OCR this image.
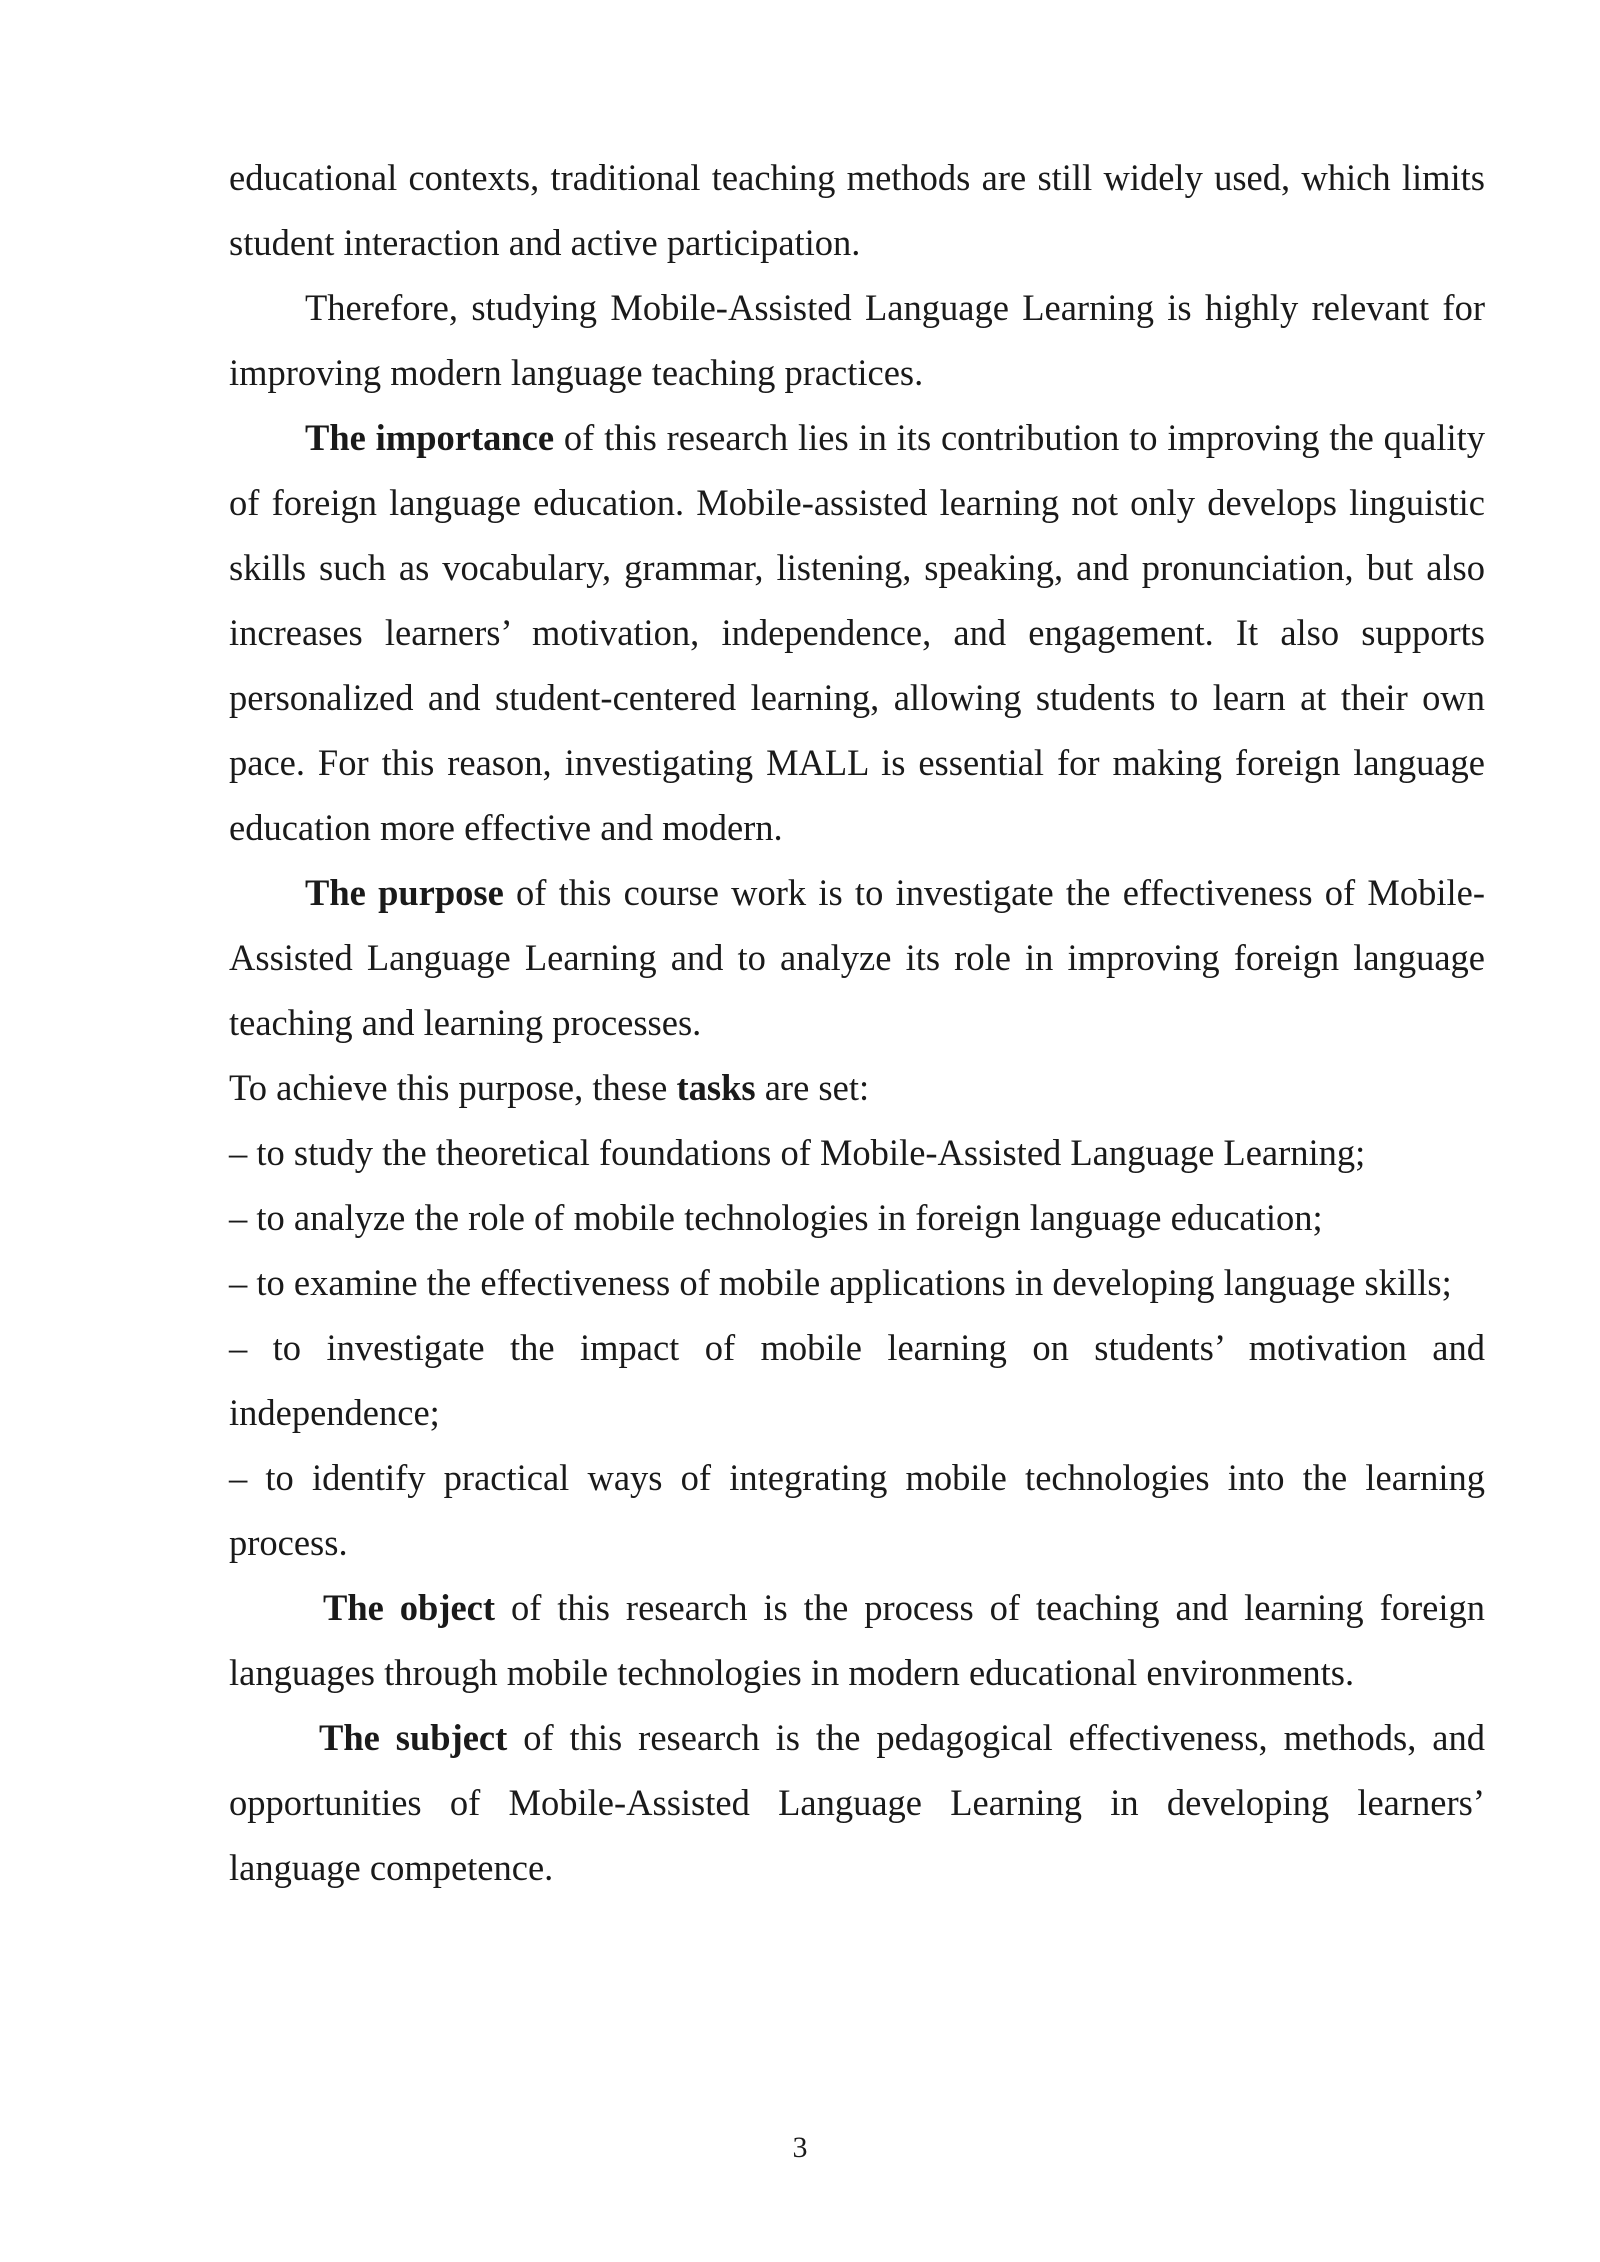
educational contexts, traditional teaching methods are still widely used, which limits student interaction and active participation.

Therefore, studying Mobile-Assisted Language Learning is highly relevant for improving modern language teaching practices.

The importance of this research lies in its contribution to improving the quality of foreign language education. Mobile-assisted learning not only develops linguistic skills such as vocabulary, grammar, listening, speaking, and pronunciation, but also increases learners’ motivation, independence, and engagement. It also supports personalized and student-centered learning, allowing students to learn at their own pace. For this reason, investigating MALL is essential for making foreign language education more effective and modern.

The purpose of this course work is to investigate the effectiveness of Mobile-Assisted Language Learning and to analyze its role in improving foreign language teaching and learning processes.

To achieve this purpose, these tasks are set:

– to study the theoretical foundations of Mobile-Assisted Language Learning;

– to analyze the role of mobile technologies in foreign language education;

– to examine the effectiveness of mobile applications in developing language skills;

– to investigate the impact of mobile learning on students’ motivation and independence;

– to identify practical ways of integrating mobile technologies into the learning process.

The object of this research is the process of teaching and learning foreign languages through mobile technologies in modern educational environments.

The subject of this research is the pedagogical effectiveness, methods, and opportunities of Mobile-Assisted Language Learning in developing learners’ language competence.

3
